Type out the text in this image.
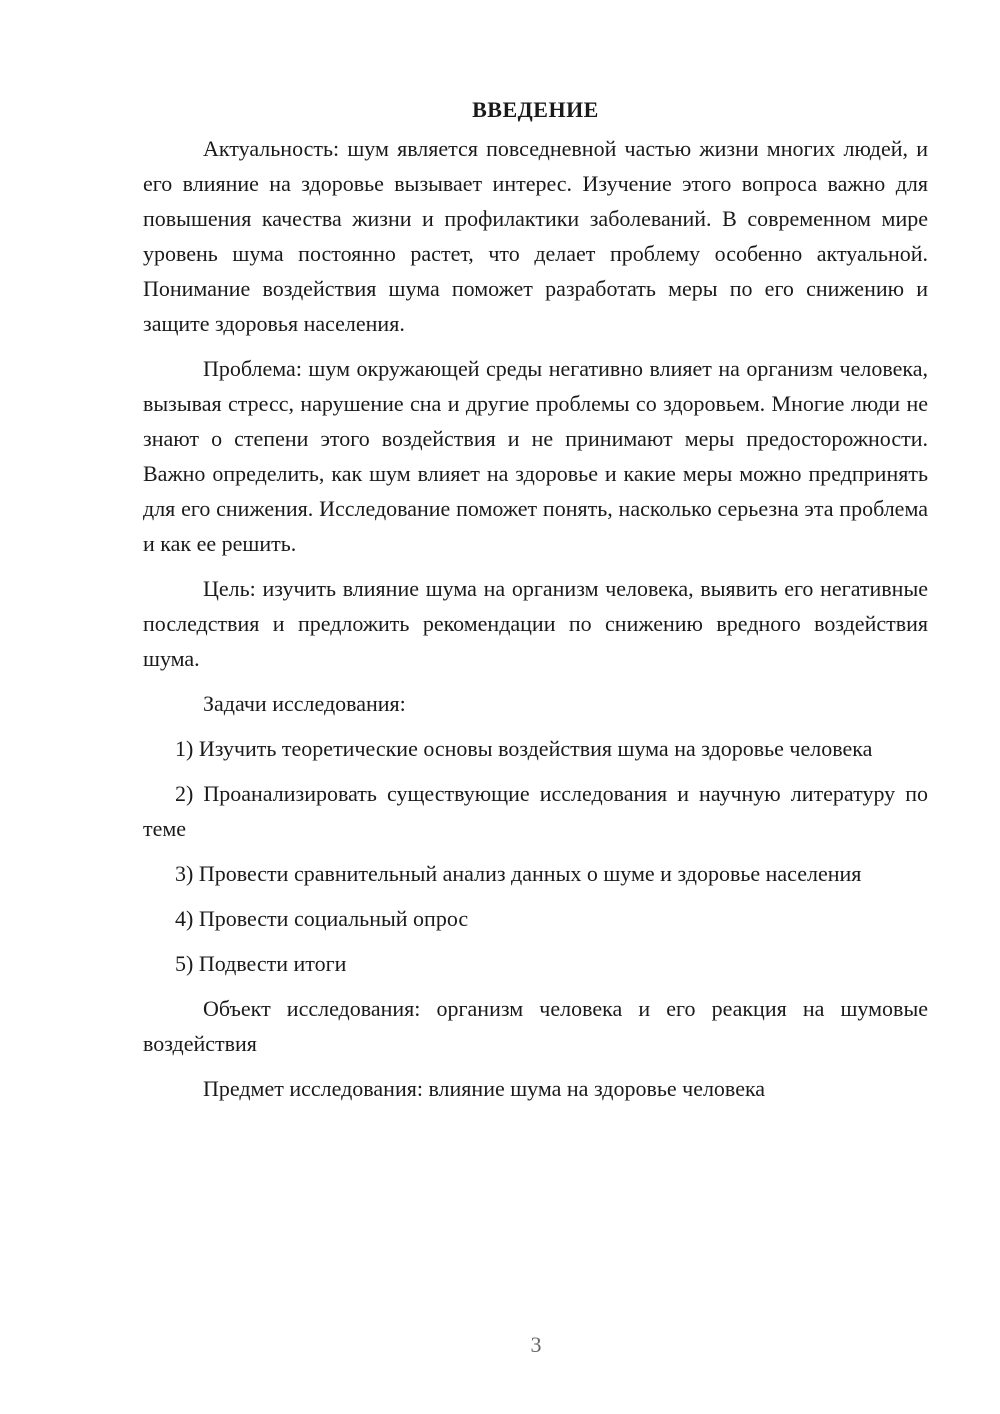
ВВЕДЕНИЕ

Актуальность: шум является повседневной частью жизни многих людей, и его влияние на здоровье вызывает интерес. Изучение этого вопроса важно для повышения качества жизни и профилактики заболеваний. В современном мире уровень шума постоянно растет, что делает проблему особенно актуальной. Понимание воздействия шума поможет разработать меры по его снижению и защите здоровья населения.

Проблема: шум окружающей среды негативно влияет на организм человека, вызывая стресс, нарушение сна и другие проблемы со здоровьем. Многие люди не знают о степени этого воздействия и не принимают меры предосторожности. Важно определить, как шум влияет на здоровье и какие меры можно предпринять для его снижения. Исследование поможет понять, насколько серьезна эта проблема и как ее решить.

Цель: изучить влияние шума на организм человека, выявить его негативные последствия и предложить рекомендации по снижению вредного воздействия шума.

Задачи исследования:

1) Изучить теоретические основы воздействия шума на здоровье человека

2) Проанализировать существующие исследования и научную литературу по теме

3) Провести сравнительный анализ данных о шуме и здоровье населения

4) Провести социальный опрос

5) Подвести итоги

Объект исследования: организм человека и его реакция на шумовые воздействия

Предмет исследования: влияние шума на здоровье человека

3
